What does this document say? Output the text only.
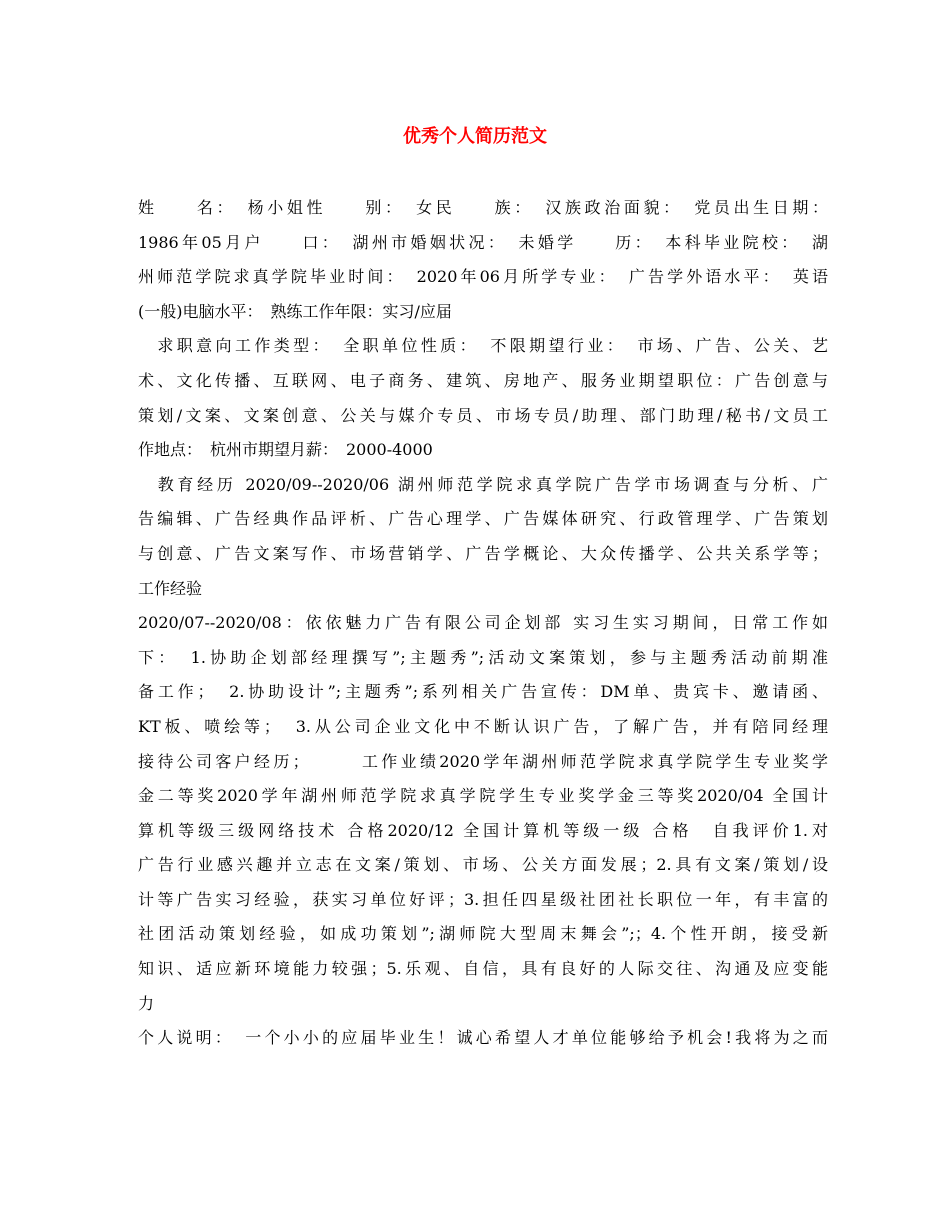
优秀个人简历范文
姓　　名：　杨小姐性　　别：　女民　　族：　汉族政治面貌：　党员出生日期：
1986年05月户　　口：　湖州市婚姻状况：　未婚学　　历：　本科毕业院校：　湖
州师范学院求真学院毕业时间：　2020年06月所学专业：　广告学外语水平：　英语
(一般)电脑水平：　熟练工作年限：实习/应届
　求职意向工作类型：　全职单位性质：　不限期望行业：　市场、广告、公关、艺
术、文化传播、互联网、电子商务、建筑、房地产、服务业期望职位：广告创意与
策划/文案、文案创意、公关与媒介专员、市场专员/助理、部门助理/秘书/文员工
作地点：　杭州市期望月薪：　2000-4000
　教育经历 2020/09--2020/06 湖州师范学院求真学院广告学市场调查与分析、广
告编辑、广告经典作品评析、广告心理学、广告媒体研究、行政管理学、广告策划
与创意、广告文案写作、市场营销学、广告学概论、大众传播学、公共关系学等；
工作经验
2020/07--2020/08：依依魅力广告有限公司企划部 实习生实习期间，日常工作如
下：　1.协助企划部经理撰写”;主题秀”;活动文案策划，参与主题秀活动前期准
备工作；　2.协助设计”;主题秀”;系列相关广告宣传：DM单、贵宾卡、邀请函、
KT板、喷绘等；　3.从公司企业文化中不断认识广告，了解广告，并有陪同经理
接待公司客户经历；　　　工作业绩2020学年湖州师范学院求真学院学生专业奖学
金二等奖2020学年湖州师范学院求真学院学生专业奖学金三等奖2020/04 全国计
算机等级三级网络技术 合格2020/12 全国计算机等级一级 合格　自我评价1.对
广告行业感兴趣并立志在文案/策划、市场、公关方面发展；2.具有文案/策划/设
计等广告实习经验，获实习单位好评；3.担任四星级社团社长职位一年，有丰富的
社团活动策划经验，如成功策划”;湖师院大型周末舞会”;；4.个性开朗，接受新
知识、适应新环境能力较强；5.乐观、自信，具有良好的人际交往、沟通及应变能
力
个人说明：　一个小小的应届毕业生！诚心希望人才单位能够给予机会!我将为之而
